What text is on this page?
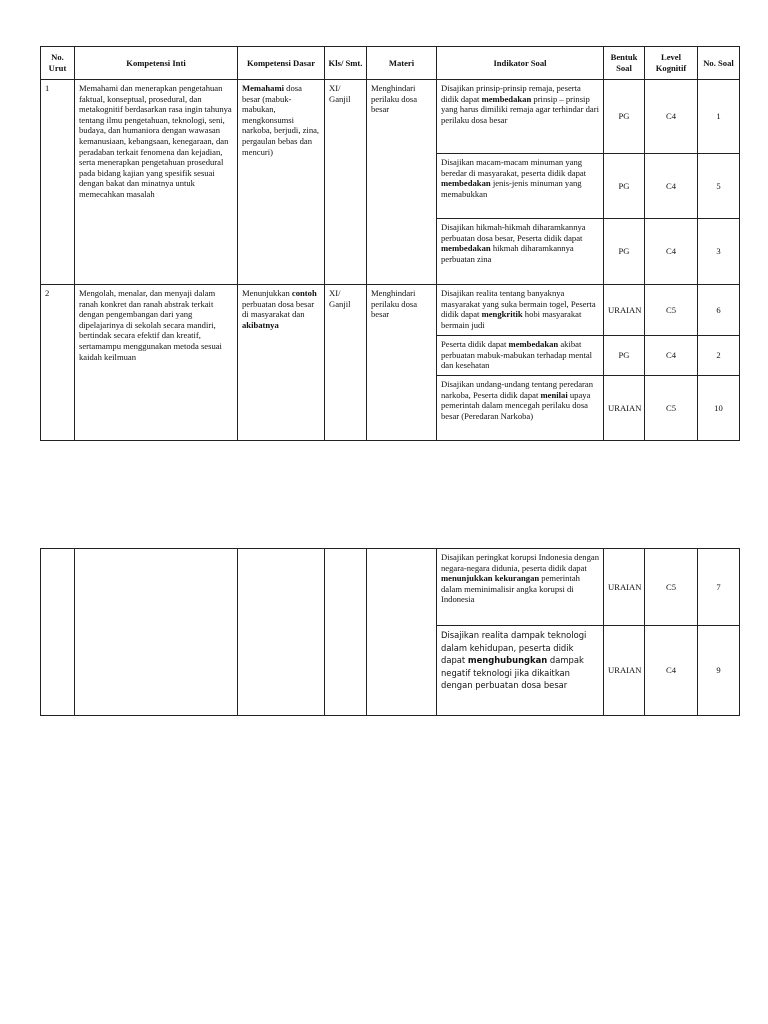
No. Urut	Kompetensi Inti	Kompetensi Dasar	Kls/ Smt.	Materi	Indikator Soal	Bentuk Soal	Level Kognitif	No. Soal
1	Memahami dan menerapkan pengetahuan faktual, konseptual, prosedural, dan metakognitif berdasarkan rasa ingin tahunya tentang ilmu pengetahuan, teknologi, seni, budaya, dan humaniora dengan wawasan kemanusiaan, kebangsaan, kenegaraan, dan peradaban terkait fenomena dan kejadian, serta menerapkan pengetahuan prosedural pada bidang kajian yang spesifik sesuai dengan bakat dan minatnya untuk memecahkan masalah	Memahami dosa besar (mabuk-mabukan, mengkonsumsi narkoba, berjudi, zina, pergaulan bebas dan mencuri)	XI/ Ganjil	Menghindari perilaku dosa besar	Disajikan prinsip-prinsip remaja, peserta didik dapat membedakan prinsip – prinsip yang harus dimiliki remaja agar terhindar dari perilaku dosa besar	PG	C4	1
					Disajikan macam-macam minuman yang beredar di masyarakat, peserta didik dapat membedakan jenis-jenis minuman yang memabukkan	PG	C4	5
					Disajikan hikmah-hikmah diharamkannya perbuatan dosa besar, Peserta didik dapat membedakan hikmah diharamkannya perbuatan zina	PG	C4	3
2	Mengolah, menalar, dan menyaji dalam ranah konkret dan ranah abstrak terkait dengan pengembangan dari yang dipelajarinya di sekolah secara mandiri, bertindak secara efektif dan kreatif, sertamampu menggunakan metoda sesuai kaidah keilmuan	Menunjukkan contoh perbuatan dosa besar di masyarakat dan akibatnya	XI/ Ganjil	Menghindari perilaku dosa besar	Disajikan realita tentang banyaknya masyarakat yang suka bermain togel, Peserta didik dapat mengkritik hobi masyarakat bermain judi	URAIAN	C5	6
					Peserta didik dapat membedakan akibat perbuatan mabuk-mabukan terhadap mental dan kesehatan	PG	C4	2
					Disajikan undang-undang tentang peredaran narkoba, Peserta didik dapat menilai upaya pemerintah dalam mencegah perilaku dosa besar (Peredaran Narkoba)	URAIAN	C5	10
					Disajikan peringkat korupsi Indonesia dengan negara-negara didunia, peserta didik dapat menunjukkan kekurangan pemerintah dalam meminimalisir angka korupsi di Indonesia	URAIAN	C5	7
					Disajikan realita dampak teknologi dalam kehidupan, peserta didik dapat menghubungkan dampak negatif teknologi jika dikaitkan dengan perbuatan dosa besar	URAIAN	C4	9
